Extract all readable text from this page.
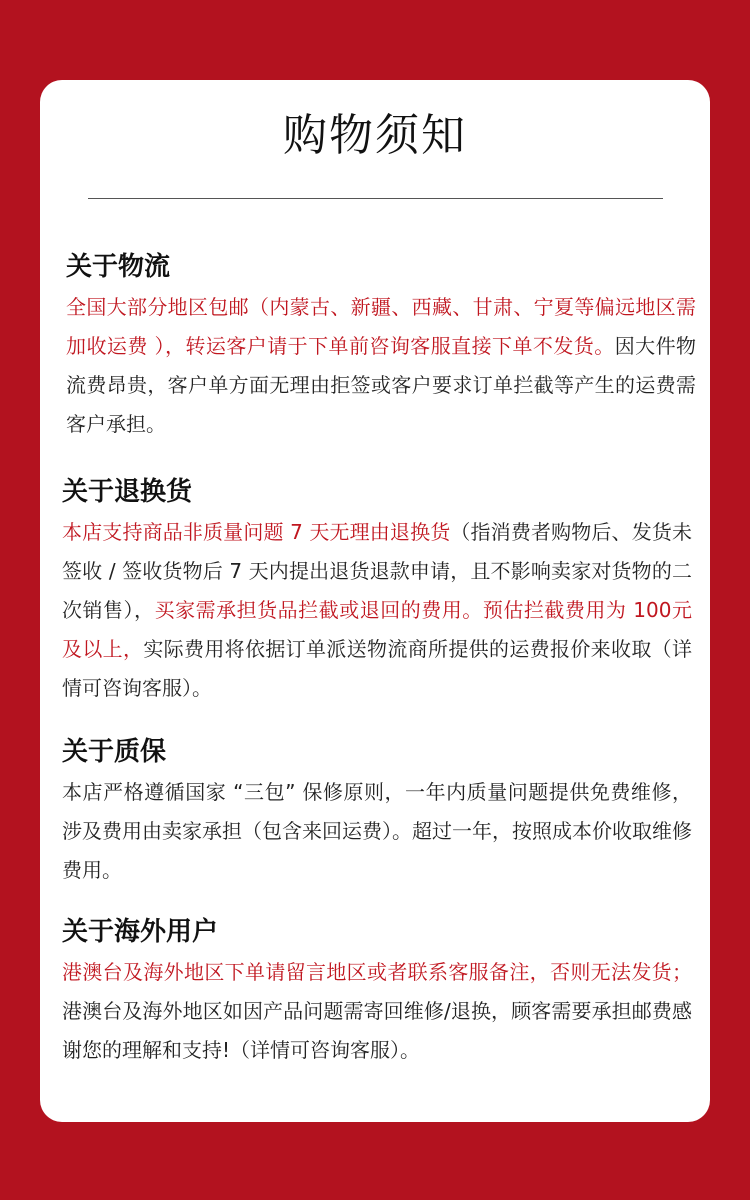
购物须知
关于物流

全国大部分地区包邮（内蒙古、新疆、西藏、甘肃、宁夏等偏远地区需加收运费 ），转运客户请于下单前咨询客服直接下单不发货。因大件物流费昂贵，客户单方面无理由拒签或客户要求订单拦截等产生的运费需客户承担。

关于退换货

本店支持商品非质量问题 7 天无理由退换货（指消费者购物后、发货未签收 / 签收货物后 7 天内提出退货退款申请，且不影响卖家对货物的二次销售），买家需承担货品拦截或退回的费用。预估拦截费用为 100元及以上，实际费用将依据订单派送物流商所提供的运费报价来收取（详情可咨询客服）。

关于质保

本店严格遵循国家 “三包” 保修原则，一年内质量问题提供免费维修，涉及费用由卖家承担（包含来回运费）。超过一年，按照成本价收取维修费用。

关于海外用户

港澳台及海外地区下单请留言地区或者联系客服备注，否则无法发货；港澳台及海外地区如因产品问题需寄回维修/退换，顾客需要承担邮费感谢您的理解和支持!（详情可咨询客服）。
